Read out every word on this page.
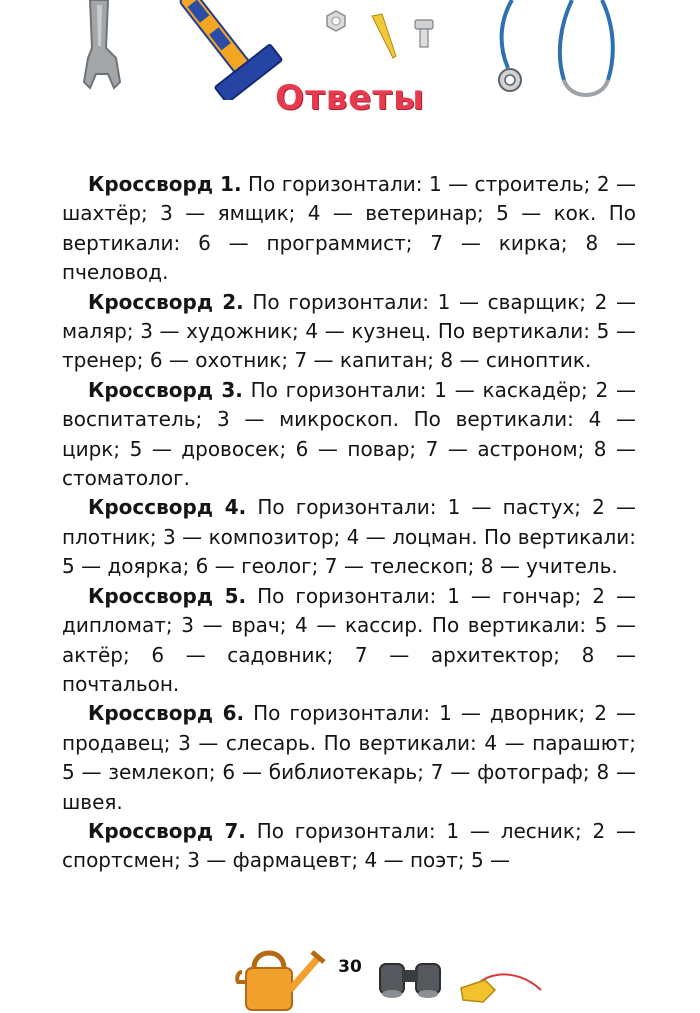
Ответы

Кроссворд 1. По горизонтали: 1 — строитель; 2 — шахтёр; 3 — ямщик; 4 — ветеринар; 5 — кок. По вертикали: 6 — программист; 7 — кирка; 8 — пчеловод.

Кроссворд 2. По горизонтали: 1 — сварщик; 2 — маляр; 3 — художник; 4 — кузнец. По вертикали: 5 — тренер; 6 — охотник; 7 — капитан; 8 — синоптик.

Кроссворд 3. По горизонтали: 1 — каскадёр; 2 — воспитатель; 3 — микроскоп. По вертикали: 4 — цирк; 5 — дровосек; 6 — повар; 7 — астроном; 8 — стоматолог.

Кроссворд 4. По горизонтали: 1 — пастух; 2 — плотник; 3 — композитор; 4 — лоцман. По вертикали: 5 — доярка; 6 — геолог; 7 — телескоп; 8 — учитель.

Кроссворд 5. По горизонтали: 1 — гончар; 2 — дипломат; 3 — врач; 4 — кассир. По вертикали: 5 — актёр; 6 — садовник; 7 — архитектор; 8 — почтальон.

Кроссворд 6. По горизонтали: 1 — дворник; 2 — продавец; 3 — слесарь. По вертикали: 4 — парашют; 5 — землекоп; 6 — библиотекарь; 7 — фотограф; 8 — швея.

Кроссворд 7. По горизонтали: 1 — лесник; 2 — спортсмен; 3 — фармацевт; 4 — поэт; 5 —

30
